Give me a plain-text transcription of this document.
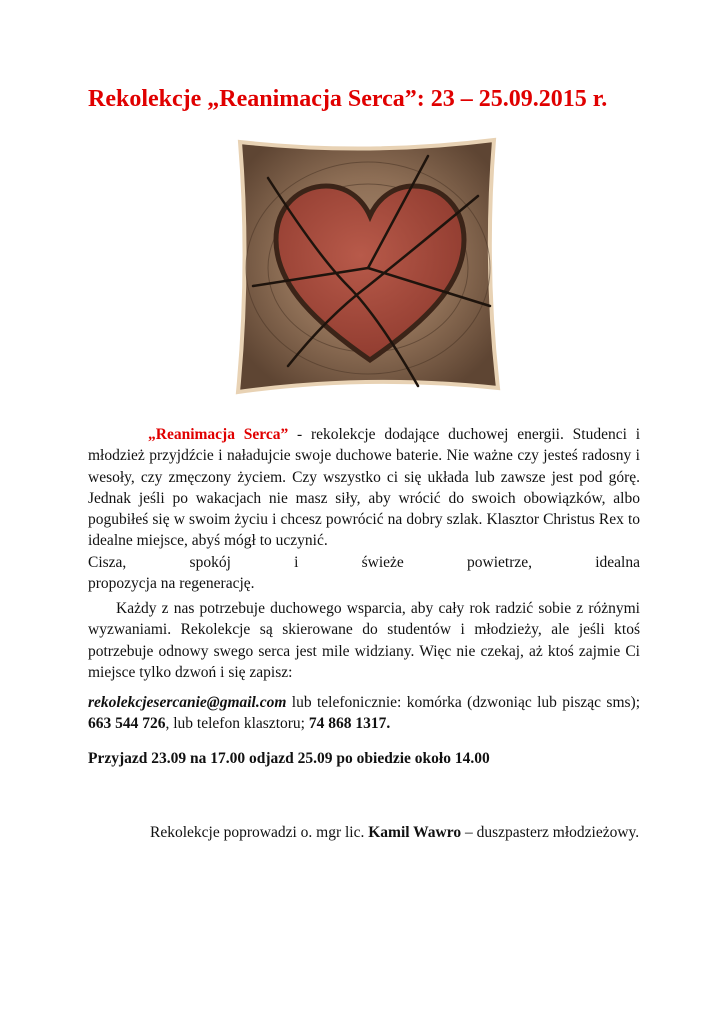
Rekolekcje „Reanimacja Serca”: 23 – 25.09.2015 r.
„Reanimacja Serca” - rekolekcje dodające duchowej energii. Studenci i młodzież przyjdźcie i naładujcie swoje duchowe baterie. Nie ważne czy jesteś radosny i wesoły, czy zmęczony życiem. Czy wszystko ci się układa lub zawsze jest pod górę. Jednak jeśli po wakacjach nie masz siły, aby wrócić do swoich obowiązków, albo pogubiłeś się w swoim życiu i chcesz powrócić na dobry szlak. Klasztor Christus Rex to idealne miejsce, abyś mógł to uczynić.
Cisza,	spokój	i	świeże	powietrze,	idealna
propozycja na regenerację.
Każdy z nas potrzebuje duchowego wsparcia, aby cały rok radzić sobie z różnymi wyzwaniami. Rekolekcje są skierowane do studentów i młodzieży, ale jeśli ktoś potrzebuje odnowy swego serca jest mile widziany. Więc nie czekaj, aż ktoś zajmie Ci miejsce tylko dzwoń i się zapisz:
rekolekcjesercanie@gmail.com lub telefonicznie: komórka (dzwoniąc lub pisząc sms); 663 544 726, lub telefon klasztoru; 74 868 1317.
Przyjazd 23.09 na 17.00 odjazd 25.09 po obiedzie około 14.00
Rekolekcje poprowadzi o. mgr lic. Kamil Wawro – duszpasterz młodzieżowy.
